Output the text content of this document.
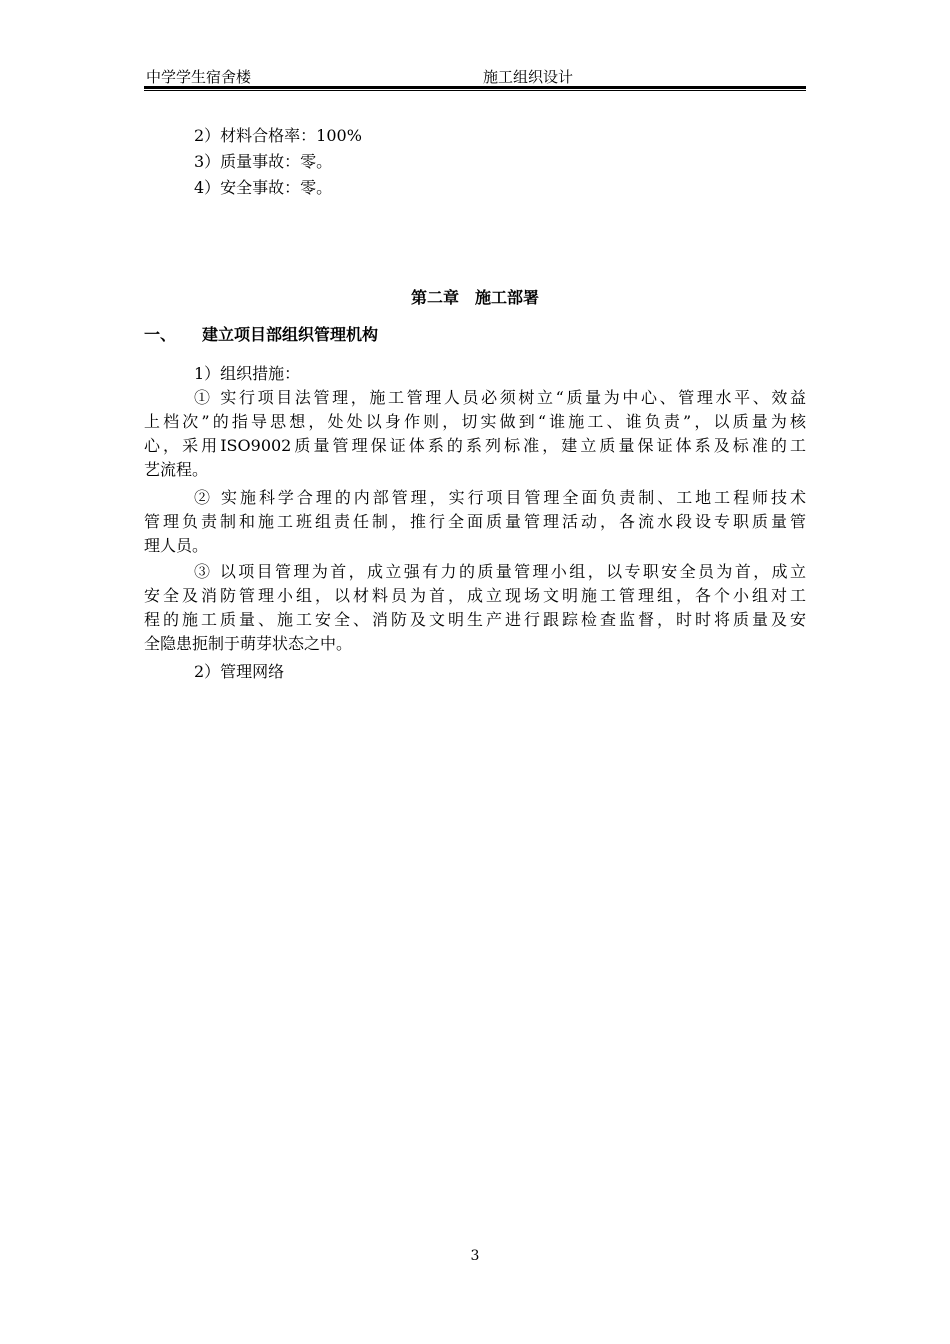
中学学生宿舍楼	施工组织设计
2）材料合格率：100%
3）质量事故：零。
4）安全事故：零。
第二章　施工部署
一、 建立项目部组织管理机构
1）组织措施：
① 实行项目法管理，施工管理人员必须树立“质量为中心、管理水平、效益
上档次”的指导思想，处处以身作则，切实做到“谁施工、谁负责”，以质量为核
心，采用ISO9002质量管理保证体系的系列标准，建立质量保证体系及标准的工
艺流程。
② 实施科学合理的内部管理，实行项目管理全面负责制、工地工程师技术
管理负责制和施工班组责任制，推行全面质量管理活动，各流水段设专职质量管
理人员。
③ 以项目管理为首，成立强有力的质量管理小组，以专职安全员为首，成立
安全及消防管理小组，以材料员为首，成立现场文明施工管理组，各个小组对工
程的施工质量、施工安全、消防及文明生产进行跟踪检查监督，时时将质量及安
全隐患扼制于萌芽状态之中。
2）管理网络
3
